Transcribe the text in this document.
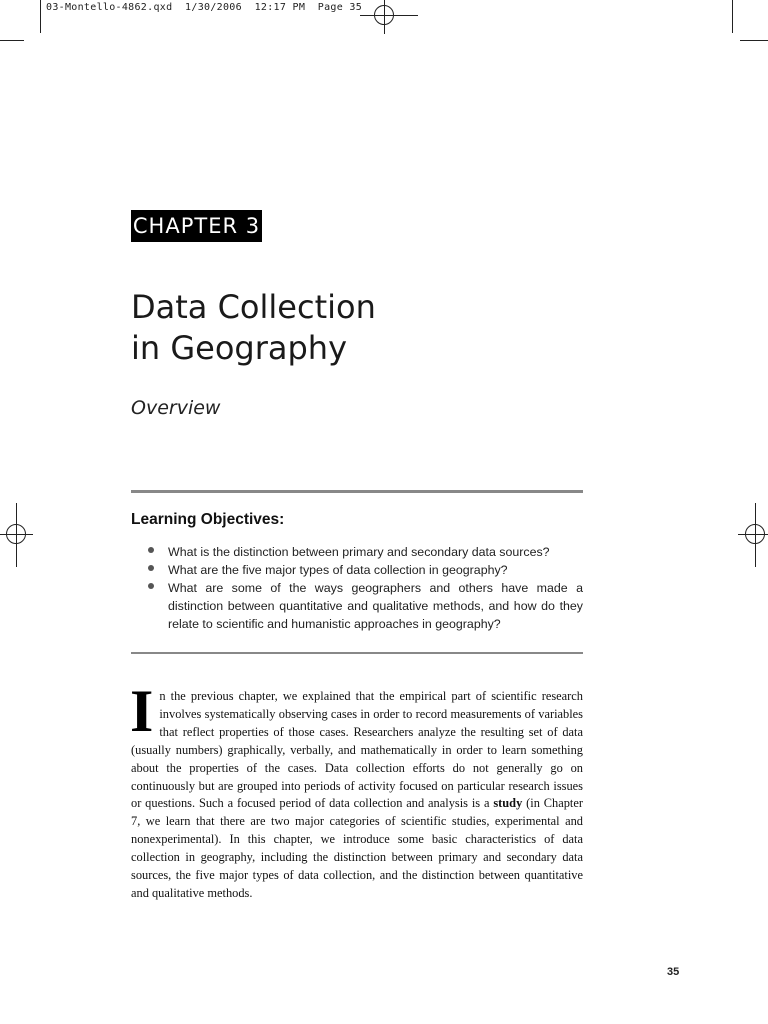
03-Montello-4862.qxd  1/30/2006  12:17 PM  Page 35
CHAPTER 3
Data Collection
in Geography
Overview
Learning Objectives:
What is the distinction between primary and secondary data sources?
What are the five major types of data collection in geography?
What are some of the ways geographers and others have made a distinction between quantitative and qualitative methods, and how do they relate to scientific and humanistic approaches in geography?

In the previous chapter, we explained that the empirical part of scientific research involves systematically observing cases in order to record measurements of variables that reflect properties of those cases. Researchers analyze the resulting set of data (usually numbers) graphically, verbally, and mathematically in order to learn something about the properties of the cases. Data collection efforts do not generally go on continuously but are grouped into periods of activity focused on particular research issues or questions. Such a focused period of data collection and analysis is a study (in Chapter 7, we learn that there are two major categories of scientific studies, experimental and nonexperimental). In this chapter, we introduce some basic characteristics of data collection in geography, including the distinction between primary and secondary data sources, the five major types of data collection, and the distinction between quantitative and qualitative methods.

35
